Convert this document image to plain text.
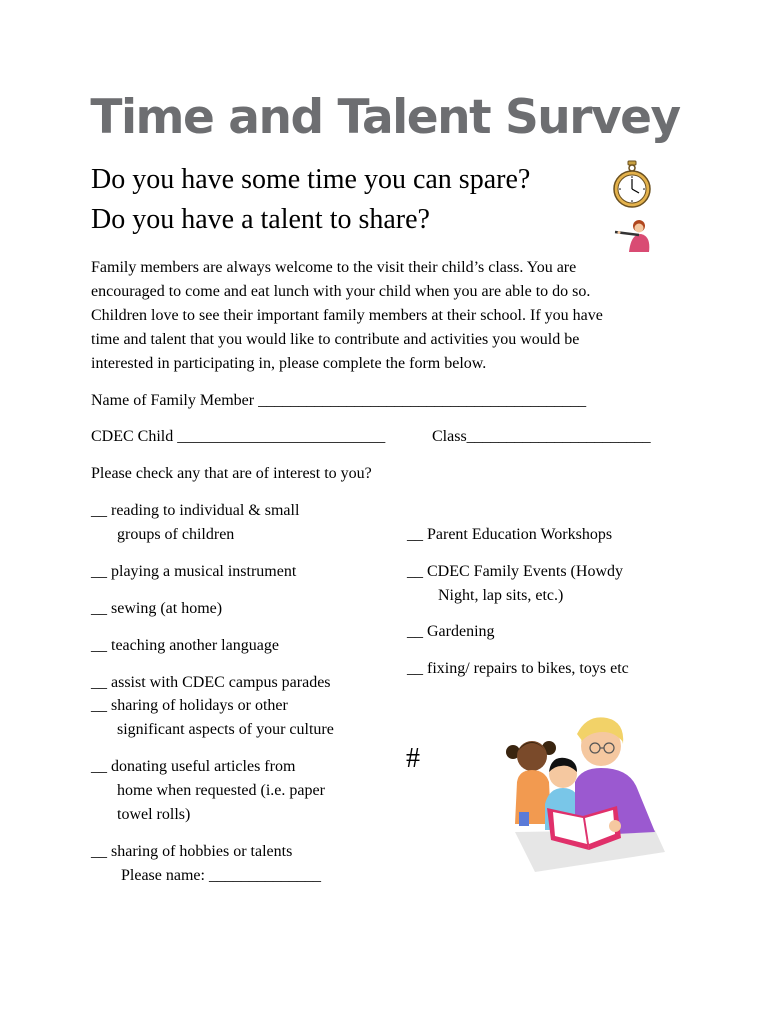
Time and Talent Survey
Do you have some time you can spare?
Do you have a talent to share?
Family members are always welcome to the visit their child’s class. You are
encouraged to come and eat lunch with your child when you are able to do so.
Children love to see their important family members at their school. If you have
time and talent that you would like to contribute and activities you would be
interested in participating in, please complete the form below.
Name of Family Member _________________________________________
CDEC Child __________________________	Class_______________________
Please check any that are of interest to you?
__ reading to individual & small
groups of children
__ playing a musical instrument
__ sewing (at home)
__ teaching another language
__ assist with CDEC campus parades
__ sharing of holidays or other
significant aspects of your culture
__ donating useful articles from
home when requested (i.e. paper
towel rolls)
__ sharing of hobbies or talents
Please name: ______________
__ Parent Education Workshops
__ CDEC Family Events (Howdy
Night, lap sits, etc.)
__ Gardening
__ fixing/ repairs to bikes, toys etc
#
